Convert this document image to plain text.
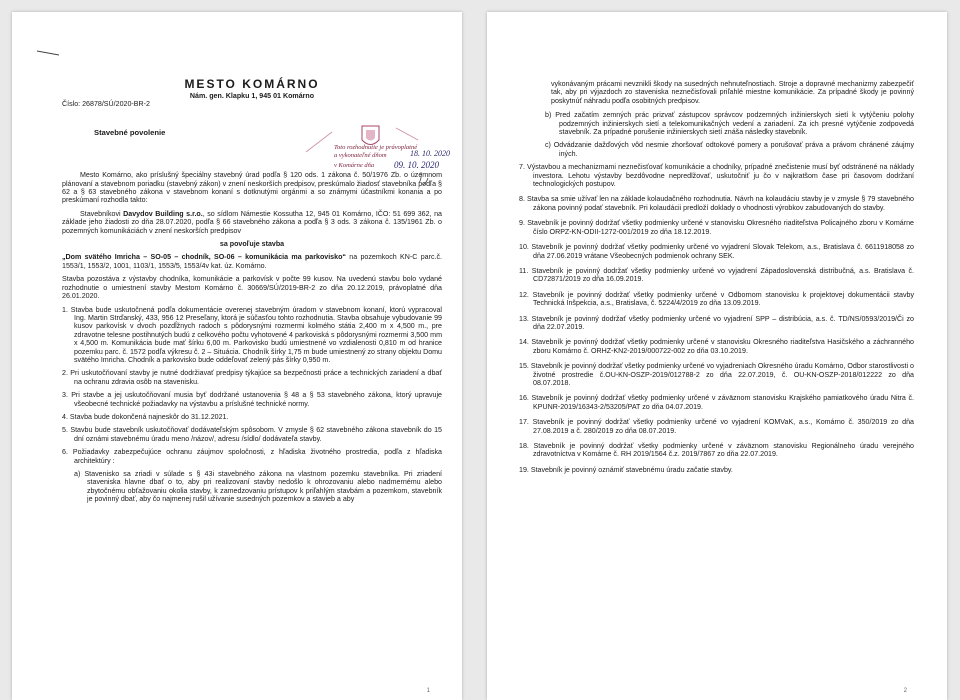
MESTO KOMÁRNO
Nám. gen. Klapku 1, 945 01 Komárno
Číslo: 26878/SÚ/2020-BR-2
Stavebné povolenie

Mesto Komárno, ako príslušný špeciálny stavebný úrad podľa § 120 ods. 1 zákona č. 50/1976 Zb. o územnom plánovaní a stavebnom poriadku (stavebný zákon) v znení neskorších predpisov, preskúmalo žiadosť stavebníka podľa § 62 a § 63 stavebného zákona v stavebnom konaní s dotknutými orgánmi a so známymi účastníkmi konania a po preskúmaní rozhodla takto:

Stavebníkovi Davydov Building s.r.o., so sídlom Námestie Kossutha 12, 945 01 Komárno, IČO: 51 699 362, na základe jeho žiadosti zo dňa 28.07.2020, podľa § 66 stavebného zákona a podľa § 3 ods. 3 zákona č. 135/1961 Zb. o pozemných komunikáciách v znení neskorších predpisov

sa povoľuje stavba

„Dom svätého Imricha – SO-05 – chodník, SO-06 – komunikácia ma parkovisko“ na pozemkoch KN-C parc.č. 1553/1, 1553/2, 1001, 1103/1, 1553/5, 1553/4v kat. úz. Komárno.

Stavba pozostáva z výstavby chodníka, komunikácie a parkovísk v počte 99 kusov. Na uvedenú stavbu bolo vydané rozhodnutie o umiestnení stavby Mestom Komárno č. 30669/SÚ/2019-BR-2 zo dňa 20.12.2019, právoplatné dňa 26.01.2020.

1. Stavba bude uskutočnená podľa dokumentácie overenej stavebným úradom v stavebnom konaní, ktorú vypracoval Ing. Martin Strďanský, 433, 956 12 Preseľany, ktorá je súčasťou tohto rozhodnutia. Stavba obsahuje vybudovanie 99 kusov parkovísk v dvoch pozdĺžnych radoch s pôdorysnými rozmermi kolmého státia 2,400 m x 4,500 m., pre zdravotne telesne postihnutých budú z celkového počtu vyhotovené 4 parkoviská s pôdorysnými rozmermi 3,500 mm x 4,500 m. Komunikácia bude mať šírku 6,00 m. Parkovisko budú umiestnené vo vzdialenosti 0,810 m od hranice pozemku parc. č. 1572 podľa výkresu č. 2 – Situácia. Chodník šírky 1,75 m bude umiestnený zo strany objektu Domu svätého Imricha. Chodník a parkovisko bude oddeľovať zelený pás šírky 0,950 m.

2. Pri uskutočňovaní stavby je nutné dodržiavať predpisy týkajúce sa bezpečnosti práce a technických zariadení a dbať na ochranu zdravia osôb na stavenisku.

3. Pri stavbe a jej uskutočňovaní musia byť dodržané ustanovenia § 48 a § 53 stavebného zákona, ktorý upravuje všeobecné technické požiadavky na výstavbu a príslušné technické normy.

4. Stavba bude dokončená najneskôr do 31.12.2021.

5. Stavbu bude stavebník uskutočňovať dodávateľským spôsobom. V zmysle § 62 stavebného zákona stavebník do 15 dní oznámi stavebnému úradu meno /názov/, adresu /sídlo/ dodávateľa stavby.

6. Požiadavky zabezpečujúce ochranu záujmov spoločnosti, z hľadiska životného prostredia, podľa z hľadiska architektúry :

a) Stavenisko sa zriadi v súlade s § 43i stavebného zákona na vlastnom pozemku stavebníka. Pri zriadení staveniska hlavne dbať o to, aby pri realizovaní stavby nedošlo k ohrozovaniu alebo nadmernému alebo zbytočnému obťažovaniu okolia stavby, k zamedzovaniu prístupov k priľahlým stavbám a pozemkom, stavebník je povinný dbať, aby čo najmenej rušil užívanie susedných pozemkov a stavieb a aby

Toto rozhodnutie je právoplatné
a vykonateľné dňom	18. 10. 2020
v Komárne dňa 09. 10. 2020
1

vykonávaným prácami nevznikli škody na susedných nehnuteľnostiach. Stroje a dopravné mechanizmy zabezpečiť tak, aby pri výjazdoch zo staveniska neznečisťovali priľahlé miestne komunikácie. Za prípadné škody je povinný poskytnúť náhradu podľa osobitných predpisov.

b) Pred začatím zemných prác prizvať zástupcov správcov podzemných inžinierskych sietí k vytýčeniu polohy podzemných inžinierskych sietí a telekomunikačných vedení a zariadení. Za ich presné vytýčenie zodpovedá stavebník. Za prípadné porušenie inžinierskych sietí znáša následky stavebník.

c) Odvádzanie dažďových vôd nesmie zhoršovať odtokové pomery a porušovať práva a právom chránené záujmy iných.

7. Výstavbou a mechanizmami neznečisťovať komunikácie a chodníky, prípadné znečistenie musí byť odstránené na náklady investora. Lehotu výstavby bezdôvodne nepredlžovať, uskutočniť ju čo v najkratšom čase pri časovom dodržaní technologických postupov.

8. Stavba sa smie užívať len na základe kolaudačného rozhodnutia. Návrh na kolaudáciu stavby je v zmysle § 79 stavebného zákona povinný podať stavebník. Pri kolaudácii predloží doklady o vhodnosti výrobkov zabudovaných do stavby.

9. Stavebník je povinný dodržať všetky podmienky určené v stanovisku Okresného riaditeľstva Policajného zboru v Komárne číslo ORPZ-KN-ODII-1272-001/2019 zo dňa 18.12.2019.

10. Stavebník je povinný dodržať všetky podmienky určené vo vyjadrení Slovak Telekom, a.s., Bratislava č. 6611918058 zo dňa 27.06.2019 vrátane Všeobecných podmienok ochrany SEK.

11. Stavebník je povinný dodržať všetky podmienky určené vo vyjadrení Západoslovenská distribučná, a.s. Bratislava č. CD72871/2019 zo dňa 16.09.2019.

12. Stavebník je povinný dodržať všetky podmienky určené v Odbornom stanovisku k projektovej dokumentácii stavby Technická Inšpekcia, a.s., Bratislava, č. 5224/4/2019 zo dňa 13.09.2019.

13. Stavebník je povinný dodržať všetky podmienky určené vo vyjadrení SPP – distribúcia, a.s. č. TD/NS/0593/2019/Či zo dňa 22.07.2019.

14. Stavebník je povinný dodržať všetky podmienky určené v stanovisku Okresného riaditeľstva Hasičského a záchranného zboru Komárno č. ORHZ-KN2-2019/000722-002 zo dňa 03.10.2019.

15. Stavebník je povinný dodržať všetky podmienky určené vo vyjadreniach Okresného úradu Komárno, Odbor starostlivosti o životné prostredie č.OU-KN-OSZP-2019/012788-2 zo dňa 22.07.2019, č. OU-KN-OSZP-2018/012222 zo dňa 08.07.2018.

16. Stavebník je povinný dodržať všetky podmienky určené v záväznom stanovisku Krajského pamiatkového úradu Nitra č. KPUNR-2019/16343-2/53205/PAT zo dňa 04.07.2019.

17. Stavebník je povinný dodržať všetky podmienky určené vo vyjadrení KOMVaK, a.s., Komárno č. 350/2019 zo dňa 27.08.2019 a č. 280/2019 zo dňa 08.07.2019.

18. Stavebník je povinný dodržať všetky podmienky určené v záväznom stanovisku Regionálneho úradu verejného zdravotníctva v Komárne č. RH 2019/1564 č.z. 2019/7867 zo dňa 22.07.2019.

19. Stavebník je povinný oznámiť stavebnému úradu začatie stavby.

2
